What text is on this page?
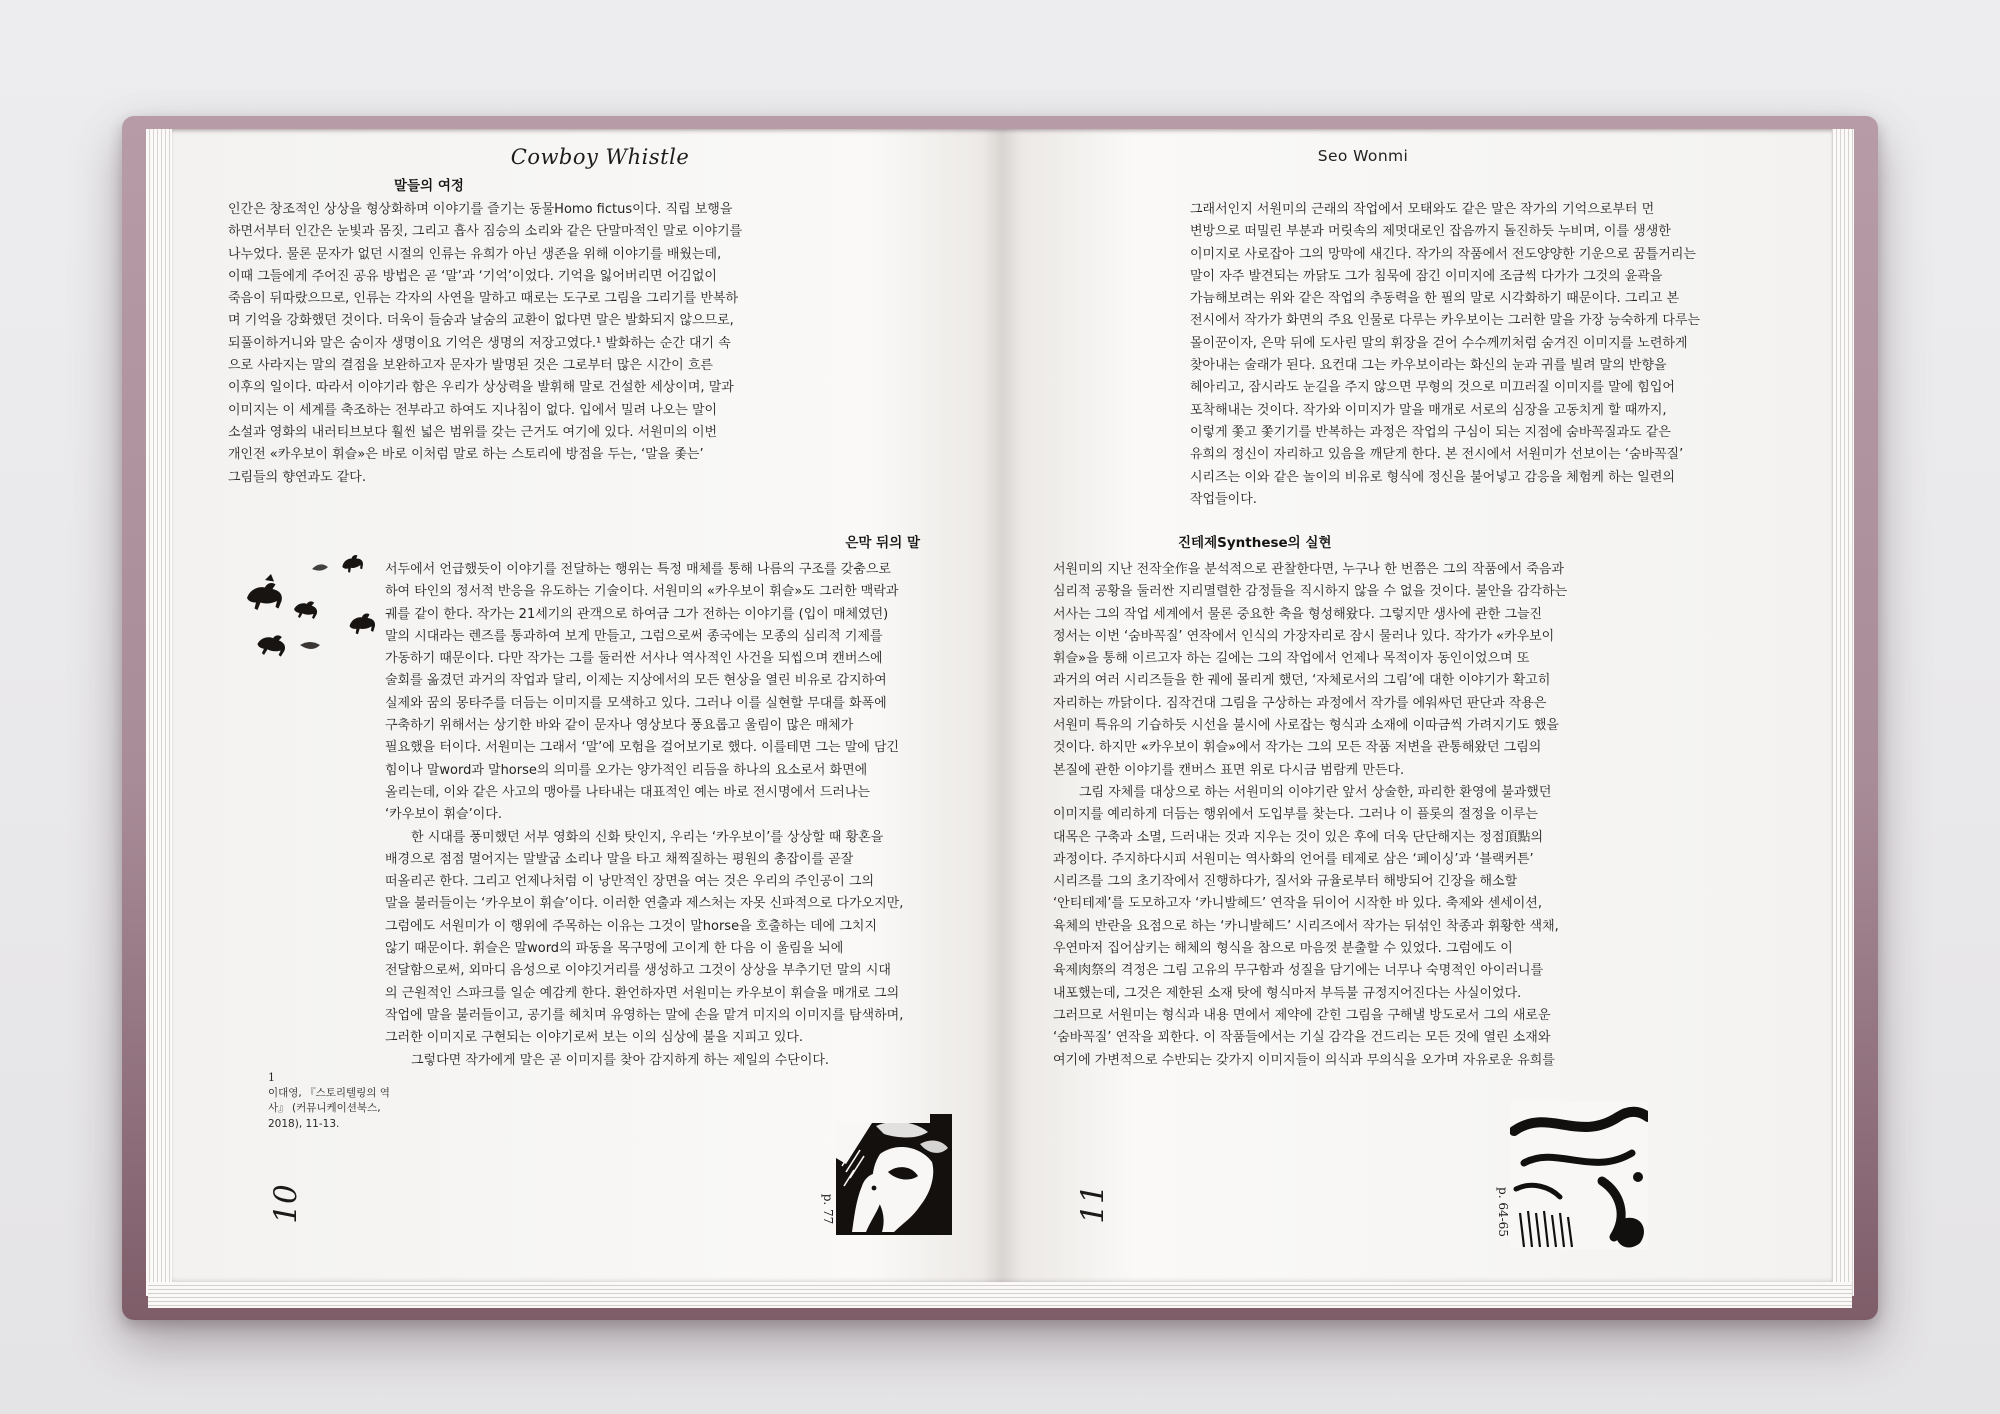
Cowboy Whistle
말들의 여정
인간은 창조적인 상상을 형상화하며 이야기를 즐기는 동물Homo fictus이다. 직립 보행을
하면서부터 인간은 눈빛과 몸짓, 그리고 흡사 짐승의 소리와 같은 단말마적인 말로 이야기를
나누었다. 물론 문자가 없던 시절의 인류는 유희가 아닌 생존을 위해 이야기를 배웠는데,
이때 그들에게 주어진 공유 방법은 곧 ‘말’과 ‘기억’이었다. 기억을 잃어버리면 어김없이
죽음이 뒤따랐으므로, 인류는 각자의 사연을 말하고 때로는 도구로 그림을 그리기를 반복하
며 기억을 강화했던 것이다. 더욱이 들숨과 날숨의 교환이 없다면 말은 발화되지 않으므로,
되풀이하거니와 말은 숨이자 생명이요 기억은 생명의 저장고였다.¹ 발화하는 순간 대기 속
으로 사라지는 말의 결점을 보완하고자 문자가 발명된 것은 그로부터 많은 시간이 흐른
이후의 일이다. 따라서 이야기라 함은 우리가 상상력을 발휘해 말로 건설한 세상이며, 말과
이미지는 이 세계를 축조하는 전부라고 하여도 지나침이 없다. 입에서 밀려 나오는 말이
소설과 영화의 내러티브보다 훨씬 넓은 범위를 갖는 근거도 여기에 있다. 서원미의 이번
개인전 «카우보이 휘슬»은 바로 이처럼 말로 하는 스토리에 방점을 두는, ‘말을 좇는’
그림들의 향연과도 같다.
은막 뒤의 말
서두에서 언급했듯이 이야기를 전달하는 행위는 특정 매체를 통해 나름의 구조를 갖춤으로
하여 타인의 정서적 반응을 유도하는 기술이다. 서원미의 «카우보이 휘슬»도 그러한 맥락과
궤를 같이 한다. 작가는 21세기의 관객으로 하여금 그가 전하는 이야기를 (입이 매체였던)
말의 시대라는 렌즈를 통과하여 보게 만들고, 그럼으로써 종국에는 모종의 심리적 기제를
가동하기 때문이다. 다만 작가는 그를 둘러싼 서사나 역사적인 사건을 되씹으며 캔버스에
술회를 옮겼던 과거의 작업과 달리, 이제는 지상에서의 모든 현상을 열린 비유로 감지하여
실제와 꿈의 몽타주를 더듬는 이미지를 모색하고 있다. 그러나 이를 실현할 무대를 화폭에
구축하기 위해서는 상기한 바와 같이 문자나 영상보다 풍요롭고 울림이 많은 매체가
필요했을 터이다. 서원미는 그래서 ‘말’에 모험을 걸어보기로 했다. 이를테면 그는 말에 담긴
힘이나 말word과 말horse의 의미를 오가는 양가적인 리듬을 하나의 요소로서 화면에
올리는데, 이와 같은 사고의 맹아를 나타내는 대표적인 예는 바로 전시명에서 드러나는
‘카우보이 휘슬’이다.
　　한 시대를 풍미했던 서부 영화의 신화 탓인지, 우리는 ‘카우보이’를 상상할 때 황혼을
배경으로 점점 멀어지는 말발굽 소리나 말을 타고 채찍질하는 평원의 총잡이를 곧잘
떠올리곤 한다. 그리고 언제나처럼 이 낭만적인 장면을 여는 것은 우리의 주인공이 그의
말을 불러들이는 ‘카우보이 휘슬’이다. 이러한 연출과 제스처는 자못 신파적으로 다가오지만,
그럼에도 서원미가 이 행위에 주목하는 이유는 그것이 말horse을 호출하는 데에 그치지
않기 때문이다. 휘슬은 말word의 파동을 목구멍에 고이게 한 다음 이 울림을 뇌에
전달함으로써, 외마디 음성으로 이야깃거리를 생성하고 그것이 상상을 부추기던 말의 시대
의 근원적인 스파크를 일순 예감케 한다. 환언하자면 서원미는 카우보이 휘슬을 매개로 그의
작업에 말을 불러들이고, 공기를 헤치며 유영하는 말에 손을 맡겨 미지의 이미지를 탐색하며,
그러한 이미지로 구현되는 이야기로써 보는 이의 심상에 불을 지피고 있다.
　　그렇다면 작가에게 말은 곧 이미지를 찾아 감지하게 하는 제일의 수단이다.
1
이대영, 『스토리텔링의 역
사』 (커뮤니케이션북스,
2018), 11-13.
10	p. 77
Seo Wonmi
그래서인지 서원미의 근래의 작업에서 모태와도 같은 말은 작가의 기억으로부터 먼
변방으로 떠밀린 부분과 머릿속의 제멋대로인 잡음까지 돌진하듯 누비며, 이를 생생한
이미지로 사로잡아 그의 망막에 새긴다. 작가의 작품에서 전도양양한 기운으로 꿈틀거리는
말이 자주 발견되는 까닭도 그가 침묵에 잠긴 이미지에 조금씩 다가가 그것의 윤곽을
가늠해보려는 위와 같은 작업의 추동력을 한 필의 말로 시각화하기 때문이다. 그리고 본
전시에서 작가가 화면의 주요 인물로 다루는 카우보이는 그러한 말을 가장 능숙하게 다루는
몰이꾼이자, 은막 뒤에 도사린 말의 휘장을 걷어 수수께끼처럼 숨겨진 이미지를 노련하게
찾아내는 술래가 된다. 요컨대 그는 카우보이라는 화신의 눈과 귀를 빌려 말의 반향을
헤아리고, 잠시라도 눈길을 주지 않으면 무형의 것으로 미끄러질 이미지를 말에 힘입어
포착해내는 것이다. 작가와 이미지가 말을 매개로 서로의 심장을 고동치게 할 때까지,
이렇게 쫓고 쫓기기를 반복하는 과정은 작업의 구심이 되는 지점에 숨바꼭질과도 같은
유희의 정신이 자리하고 있음을 깨닫게 한다. 본 전시에서 서원미가 선보이는 ‘숨바꼭질’
시리즈는 이와 같은 놀이의 비유로 형식에 정신을 불어넣고 감응을 체험케 하는 일련의
작업들이다.
진테제Synthese의 실현
서원미의 지난 전작全作을 분석적으로 관찰한다면, 누구나 한 번쯤은 그의 작품에서 죽음과
심리적 공황을 둘러싼 지리멸렬한 감정들을 직시하지 않을 수 없을 것이다. 불안을 감각하는
서사는 그의 작업 세계에서 물론 중요한 축을 형성해왔다. 그렇지만 생사에 관한 그늘진
정서는 이번 ‘숨바꼭질’ 연작에서 인식의 가장자리로 잠시 물러나 있다. 작가가 «카우보이
휘슬»을 통해 이르고자 하는 길에는 그의 작업에서 언제나 목적이자 동인이었으며 또
과거의 여러 시리즈들을 한 궤에 몰리게 했던, ‘자체로서의 그림’에 대한 이야기가 확고히
자리하는 까닭이다. 짐작건대 그림을 구상하는 과정에서 작가를 에워싸던 판단과 작용은
서원미 특유의 기습하듯 시선을 불시에 사로잡는 형식과 소재에 이따금씩 가려지기도 했을
것이다. 하지만 «카우보이 휘슬»에서 작가는 그의 모든 작품 저변을 관통해왔던 그림의
본질에 관한 이야기를 캔버스 표면 위로 다시금 범람케 만든다.
　　그림 자체를 대상으로 하는 서원미의 이야기란 앞서 상술한, 파리한 환영에 불과했던
이미지를 예리하게 더듬는 행위에서 도입부를 찾는다. 그러나 이 플롯의 절정을 이루는
대목은 구축과 소멸, 드러내는 것과 지우는 것이 있은 후에 더욱 단단해지는 정점頂點의
과정이다. 주지하다시피 서원미는 역사화의 언어를 테제로 삼은 ‘페이싱’과 ‘블랙커튼’
시리즈를 그의 초기작에서 진행하다가, 질서와 규율로부터 해방되어 긴장을 해소할
‘안티테제’를 도모하고자 ‘카니발헤드’ 연작을 뒤이어 시작한 바 있다. 축제와 센세이션,
육체의 반란을 요점으로 하는 ‘카니발헤드’ 시리즈에서 작가는 뒤섞인 착종과 휘황한 색채,
우연마저 집어삼키는 해체의 형식을 참으로 마음껏 분출할 수 있었다. 그럼에도 이
육제肉祭의 격정은 그림 고유의 무구함과 성질을 담기에는 너무나 숙명적인 아이러니를
내포했는데, 그것은 제한된 소재 탓에 형식마저 부득불 규정지어진다는 사실이었다.
그러므로 서원미는 형식과 내용 면에서 제약에 갇힌 그림을 구해낼 방도로서 그의 새로운
‘숨바꼭질’ 연작을 꾀한다. 이 작품들에서는 기실 감각을 건드리는 모든 것에 열린 소재와
여기에 가변적으로 수반되는 갖가지 이미지들이 의식과 무의식을 오가며 자유로운 유희를
11	p. 64-65
